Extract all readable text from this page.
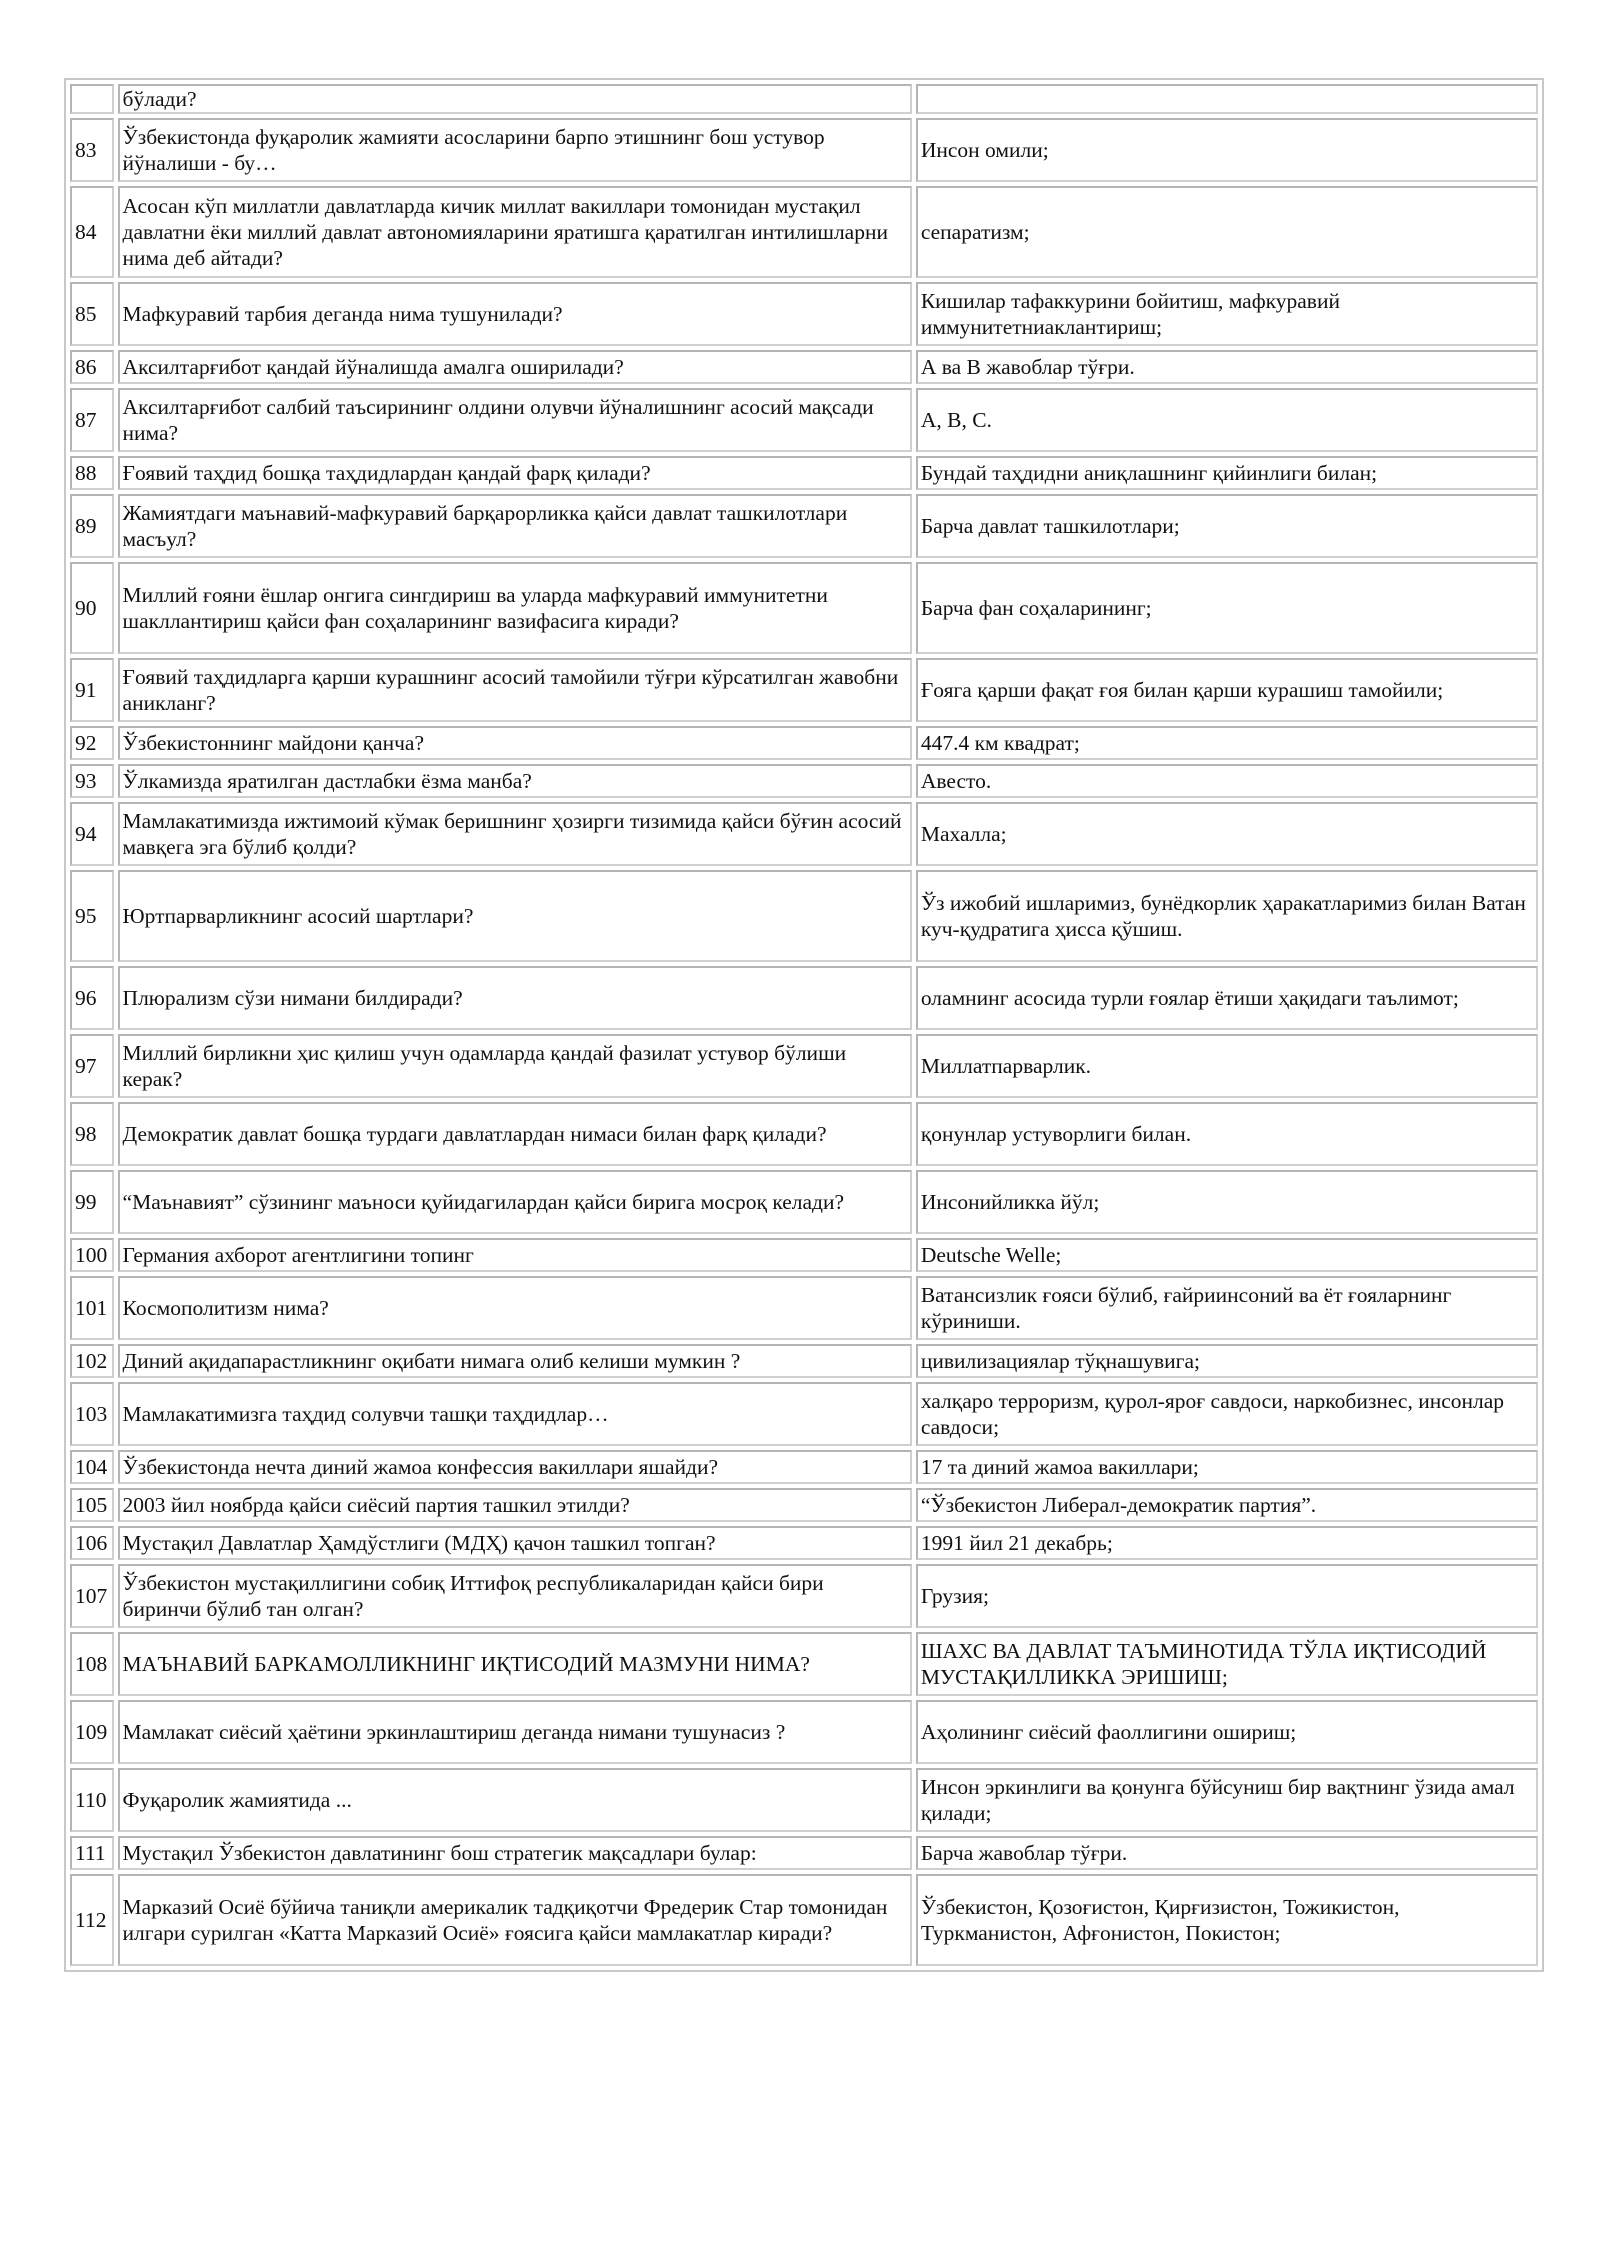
	бўлади?	
83	Ўзбекистонда фуқаролик жамияти асосларини барпо этишнинг бош устувор йўналиши - бу…	Инсон омили;
84	Асосан кўп миллатли давлатларда кичик миллат вакиллари томонидан мустақил давлатни ёки миллий давлат автономияларини яратишга қаратилган интилишларни нима деб айтади?	сепаратизм;
85	Мафкуравий тарбия деганда нима тушунилади?	Кишилар тафаккурини бойитиш, мафкуравий иммунитетниаклантириш;
86	Аксилтарғибот қандай йўналишда амалга оширилади?	А ва В жавоблар тўғри.
87	Аксилтарғибот салбий таъсирининг олдини олувчи йўналишнинг асосий мақсади нима?	А, В, С.
88	Ғоявий таҳдид бошқа таҳдидлардан қандай фарқ қилади?	Бундай таҳдидни аниқлашнинг қийинлиги билан;
89	Жамиятдаги маънавий-мафкуравий барқарорликка қайси давлат ташкилотлари масъул?	Барча давлат ташкилотлари;
90	Миллий ғояни ёшлар онгига сингдириш ва уларда мафкуравий иммунитетни шакллантириш қайси фан соҳаларининг вазифасига киради?	Барча фан соҳаларининг;
91	Ғоявий таҳдидларга қарши курашнинг асосий тамойили тўғри кўрсатилган жавобни аникланг?	Ғояга қарши фақат ғоя билан қарши курашиш тамойили;
92	Ўзбекистоннинг майдони қанча?	447.4 км квадрат;
93	Ўлкамизда яратилган дастлабки ёзма манба?	Авесто.
94	Мамлакатимизда ижтимоий кўмак беришнинг ҳозирги тизимида қайси бўғин асосий мавқега эга бўлиб қолди?	Махалла;
95	Юртпарварликнинг асосий шартлари?	Ўз ижобий ишларимиз, бунёдкорлик ҳаракатларимиз билан Ватан куч-қудратига ҳисса қўшиш.
96	Плюрализм сўзи нимани билдиради?	оламнинг асосида турли ғоялар ётиши ҳақидаги таълимот;
97	Миллий бирликни ҳис қилиш учун одамларда қандай фазилат устувор бўлиши керак?	Миллатпарварлик.
98	Демократик давлат бошқа турдаги давлатлардан нимаси билан фарқ қилади?	қонунлар устуворлиги билан.
99	“Маънавият” сўзининг маъноси қуйидагилардан қайси бирига мосроқ келади?	Инсонийликка йўл;
100	Германия ахборот агентлигини топинг	Deutsche Welle;
101	Космополитизм нима?	Ватансизлик ғояси бўлиб, ғайриинсоний ва ёт ғояларнинг кўриниши.
102	Диний ақидапарастликнинг оқибати нимага олиб келиши мумкин ?	цивилизациялар тўқнашувига;
103	Мамлакатимизга таҳдид солувчи ташқи таҳдидлар…	халқаро терроризм, қурол-яроғ савдоси, наркобизнес, инсонлар савдоси;
104	Ўзбекистонда нечта диний жамоа конфессия вакиллари яшайди?	17 та диний жамоа вакиллари;
105	2003 йил ноябрда қайси сиёсий партия ташкил этилди?	“Ўзбекистон Либерал-демократик партия”.
106	Мустақил Давлатлар Ҳамдўстлиги (МДҲ) қачон ташкил топган?	1991 йил 21 декабрь;
107	Ўзбекистон мустақиллигини собиқ Иттифоқ республикаларидан қайси бири биринчи бўлиб тан олган?	Грузия;
108	МАЪНАВИЙ БАРКАМОЛЛИКНИНГ ИҚТИСОДИЙ МАЗМУНИ НИМА?	ШАХС ВА ДАВЛАТ ТАЪМИНОТИДА ТЎЛА ИҚТИСОДИЙ МУСТАҚИЛЛИККА ЭРИШИШ;
109	Мамлакат сиёсий ҳаётини эркинлаштириш деганда нимани тушунасиз ?	Аҳолининг сиёсий фаоллигини ошириш;
110	Фуқаролик жамиятида ...	Инсон эркинлиги ва қонунга бўйсуниш бир вақтнинг ўзида амал қилади;
111	Мустақил Ўзбекистон давлатининг бош стратегик мақсадлари булар:	Барча жавоблар тўғри.
112	Марказий Осиё бўйича таниқли америкалик тадқиқотчи Фредерик Стар томонидан илгари сурилган «Катта Марказий Осиё» ғоясига қайси мамлакатлар киради?	Ўзбекистон, Қозоғистон, Қирғизистон, Тожикистон, Туркманистон, Афғонистон, Покистон;
